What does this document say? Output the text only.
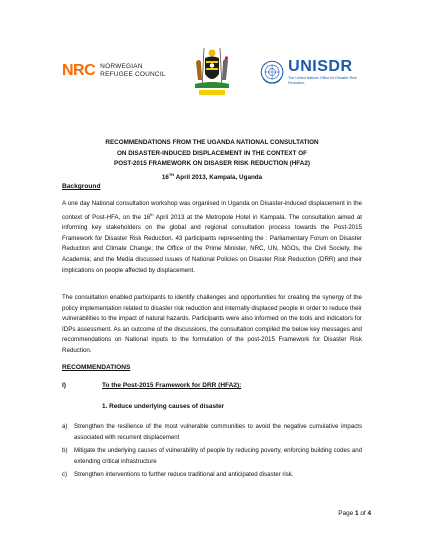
NRC NORWEGIAN
REFUGEE COUNCIL	UNISDR
The United Nations Office for Disaster Risk Reduction
RECOMMENDATIONS FROM THE UGANDA NATIONAL CONSULTATION
ON DISASTER-INDUCED DISPLACEMENT IN THE CONTEXT OF
POST-2015 FRAMEWORK ON DISASER RISK REDUCTION (HFA2)
16TH April 2013, Kampala, Uganda
Background
A one day National consultation workshop was organised in Uganda on Disaster-induced displacement in the context of Post-HFA, on the 16th April 2013 at the Metropole Hotel in Kampala. The consultation aimed at informing key stakeholders on the global and regional consultation process towards the Post-2015 Framework for Disaster Risk Reduction. 43 participants representing the : Parliamentary Forum on Disaster Reduction and Climate Change; the Office of the Prime Minister, NRC, UN, NGOs, the Civil Society, the Academia; and the Media discussed issues of National Policies on Disaster Risk Reduction (DRR) and their implications on people affected by displacement.
The consultation enabled participants to identify challenges and opportunities for creating the synergy of the policy implementation related to disaster risk reduction and internally displaced people in order to reduce their vulnerabilities to the impact of natural hazards. Participants were also informed on the tools and indicators for IDPs assessment. As an outcome of the discussions, the consultation compiled the below key messages and recommendations on National inputs to the formulation of the post-2015 Framework for Disaster Risk Reduction.
RECOMMENDATIONS
I)	To the Post-2015 Framework for DRR (HFA2):
1. Reduce underlying causes of disaster
a)	Strengthen the resilience of the most vulnerable communities to avoid the negative cumulative impacts associated with recurrent displacement
b)	Mitigate the underlying causes of vulnerability of people by reducing poverty, enforcing building codes and extending critical infrastructure
c)	Strengthen interventions to further reduce traditional and anticipated disaster risk.
Page 1 of 4
